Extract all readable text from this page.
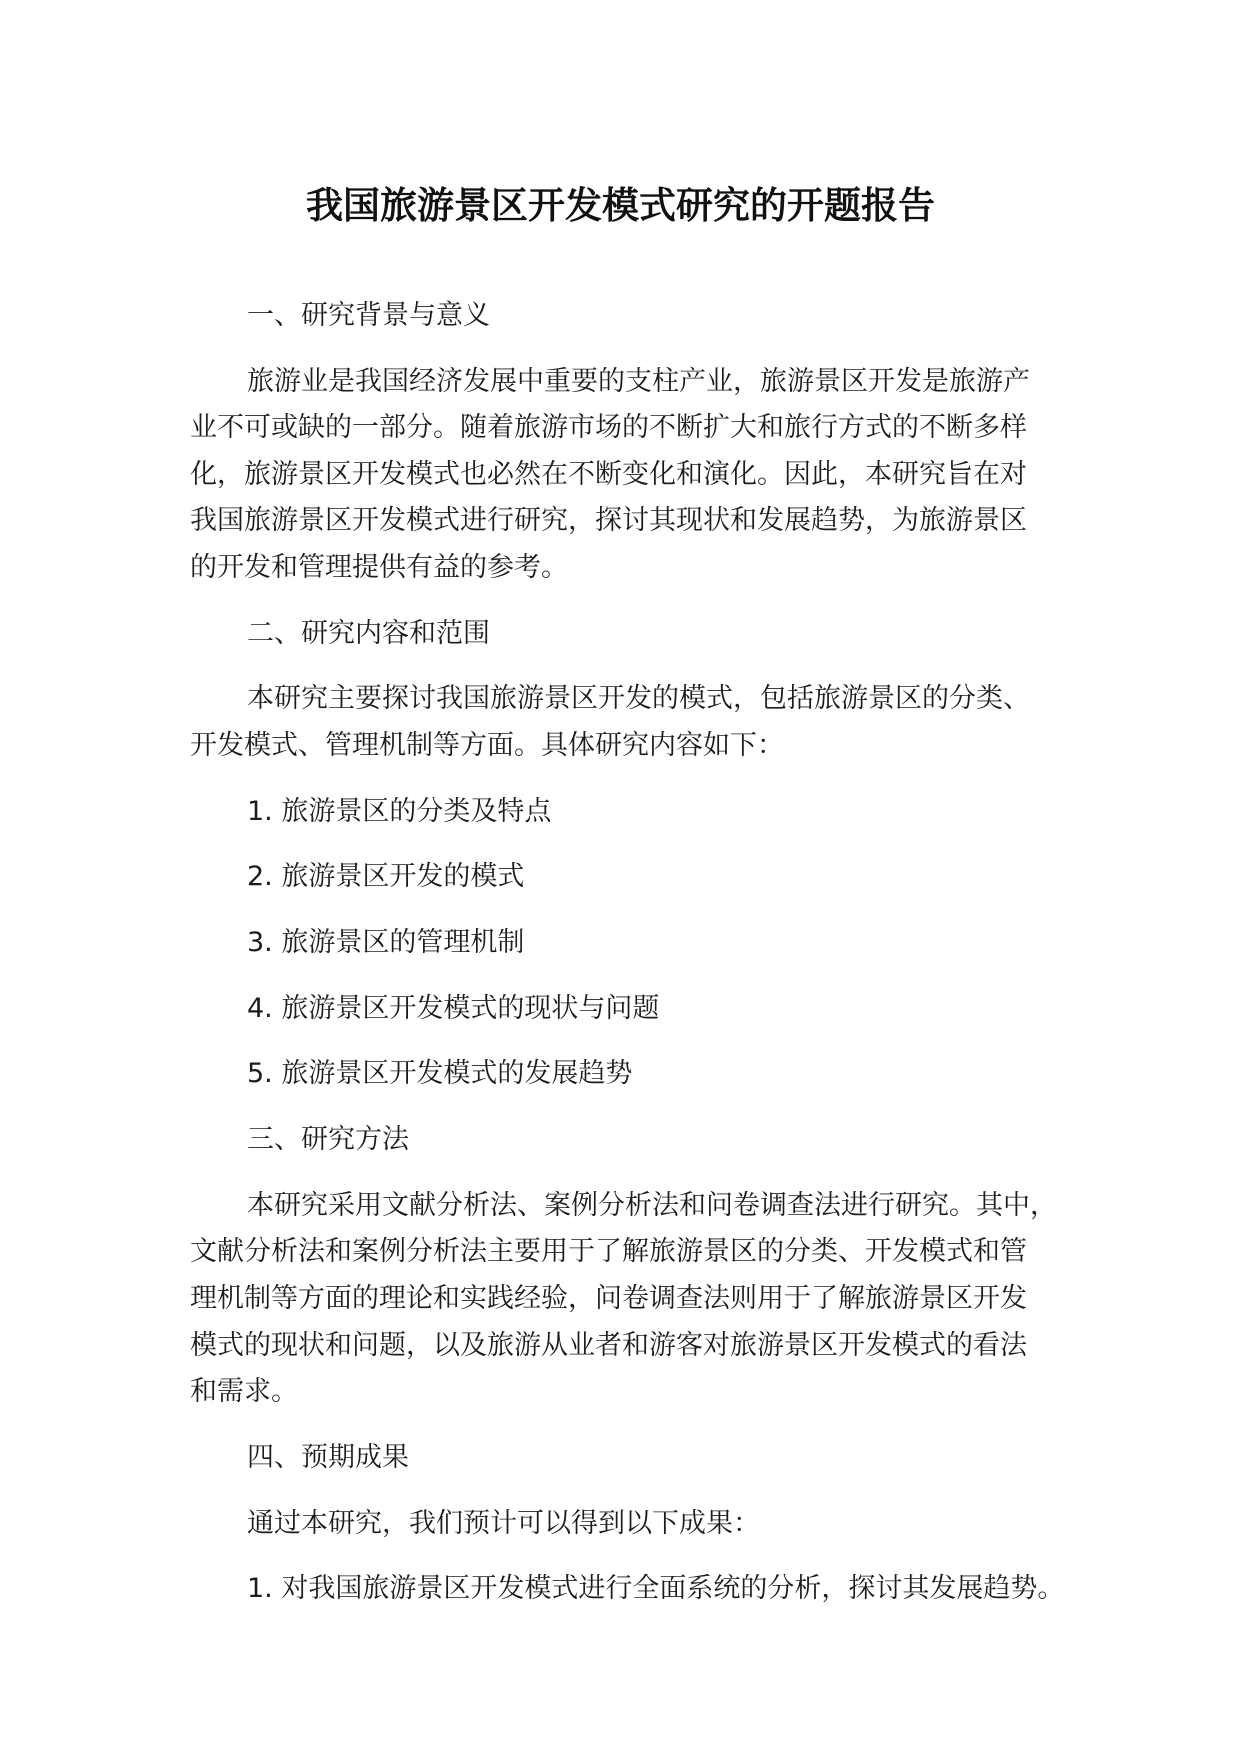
我国旅游景区开发模式研究的开题报告
一、研究背景与意义
旅游业是我国经济发展中重要的支柱产业，旅游景区开发是旅游产
业不可或缺的一部分。随着旅游市场的不断扩大和旅行方式的不断多样
化，旅游景区开发模式也必然在不断变化和演化。因此，本研究旨在对
我国旅游景区开发模式进行研究，探讨其现状和发展趋势，为旅游景区
的开发和管理提供有益的参考。
二、研究内容和范围
本研究主要探讨我国旅游景区开发的模式，包括旅游景区的分类、
开发模式、管理机制等方面。具体研究内容如下：
1. 旅游景区的分类及特点
2. 旅游景区开发的模式
3. 旅游景区的管理机制
4. 旅游景区开发模式的现状与问题
5. 旅游景区开发模式的发展趋势
三、研究方法
本研究采用文献分析法、案例分析法和问卷调查法进行研究。其中，
文献分析法和案例分析法主要用于了解旅游景区的分类、开发模式和管
理机制等方面的理论和实践经验，问卷调查法则用于了解旅游景区开发
模式的现状和问题，以及旅游从业者和游客对旅游景区开发模式的看法
和需求。
四、预期成果
通过本研究，我们预计可以得到以下成果：
1. 对我国旅游景区开发模式进行全面系统的分析，探讨其发展趋势。
